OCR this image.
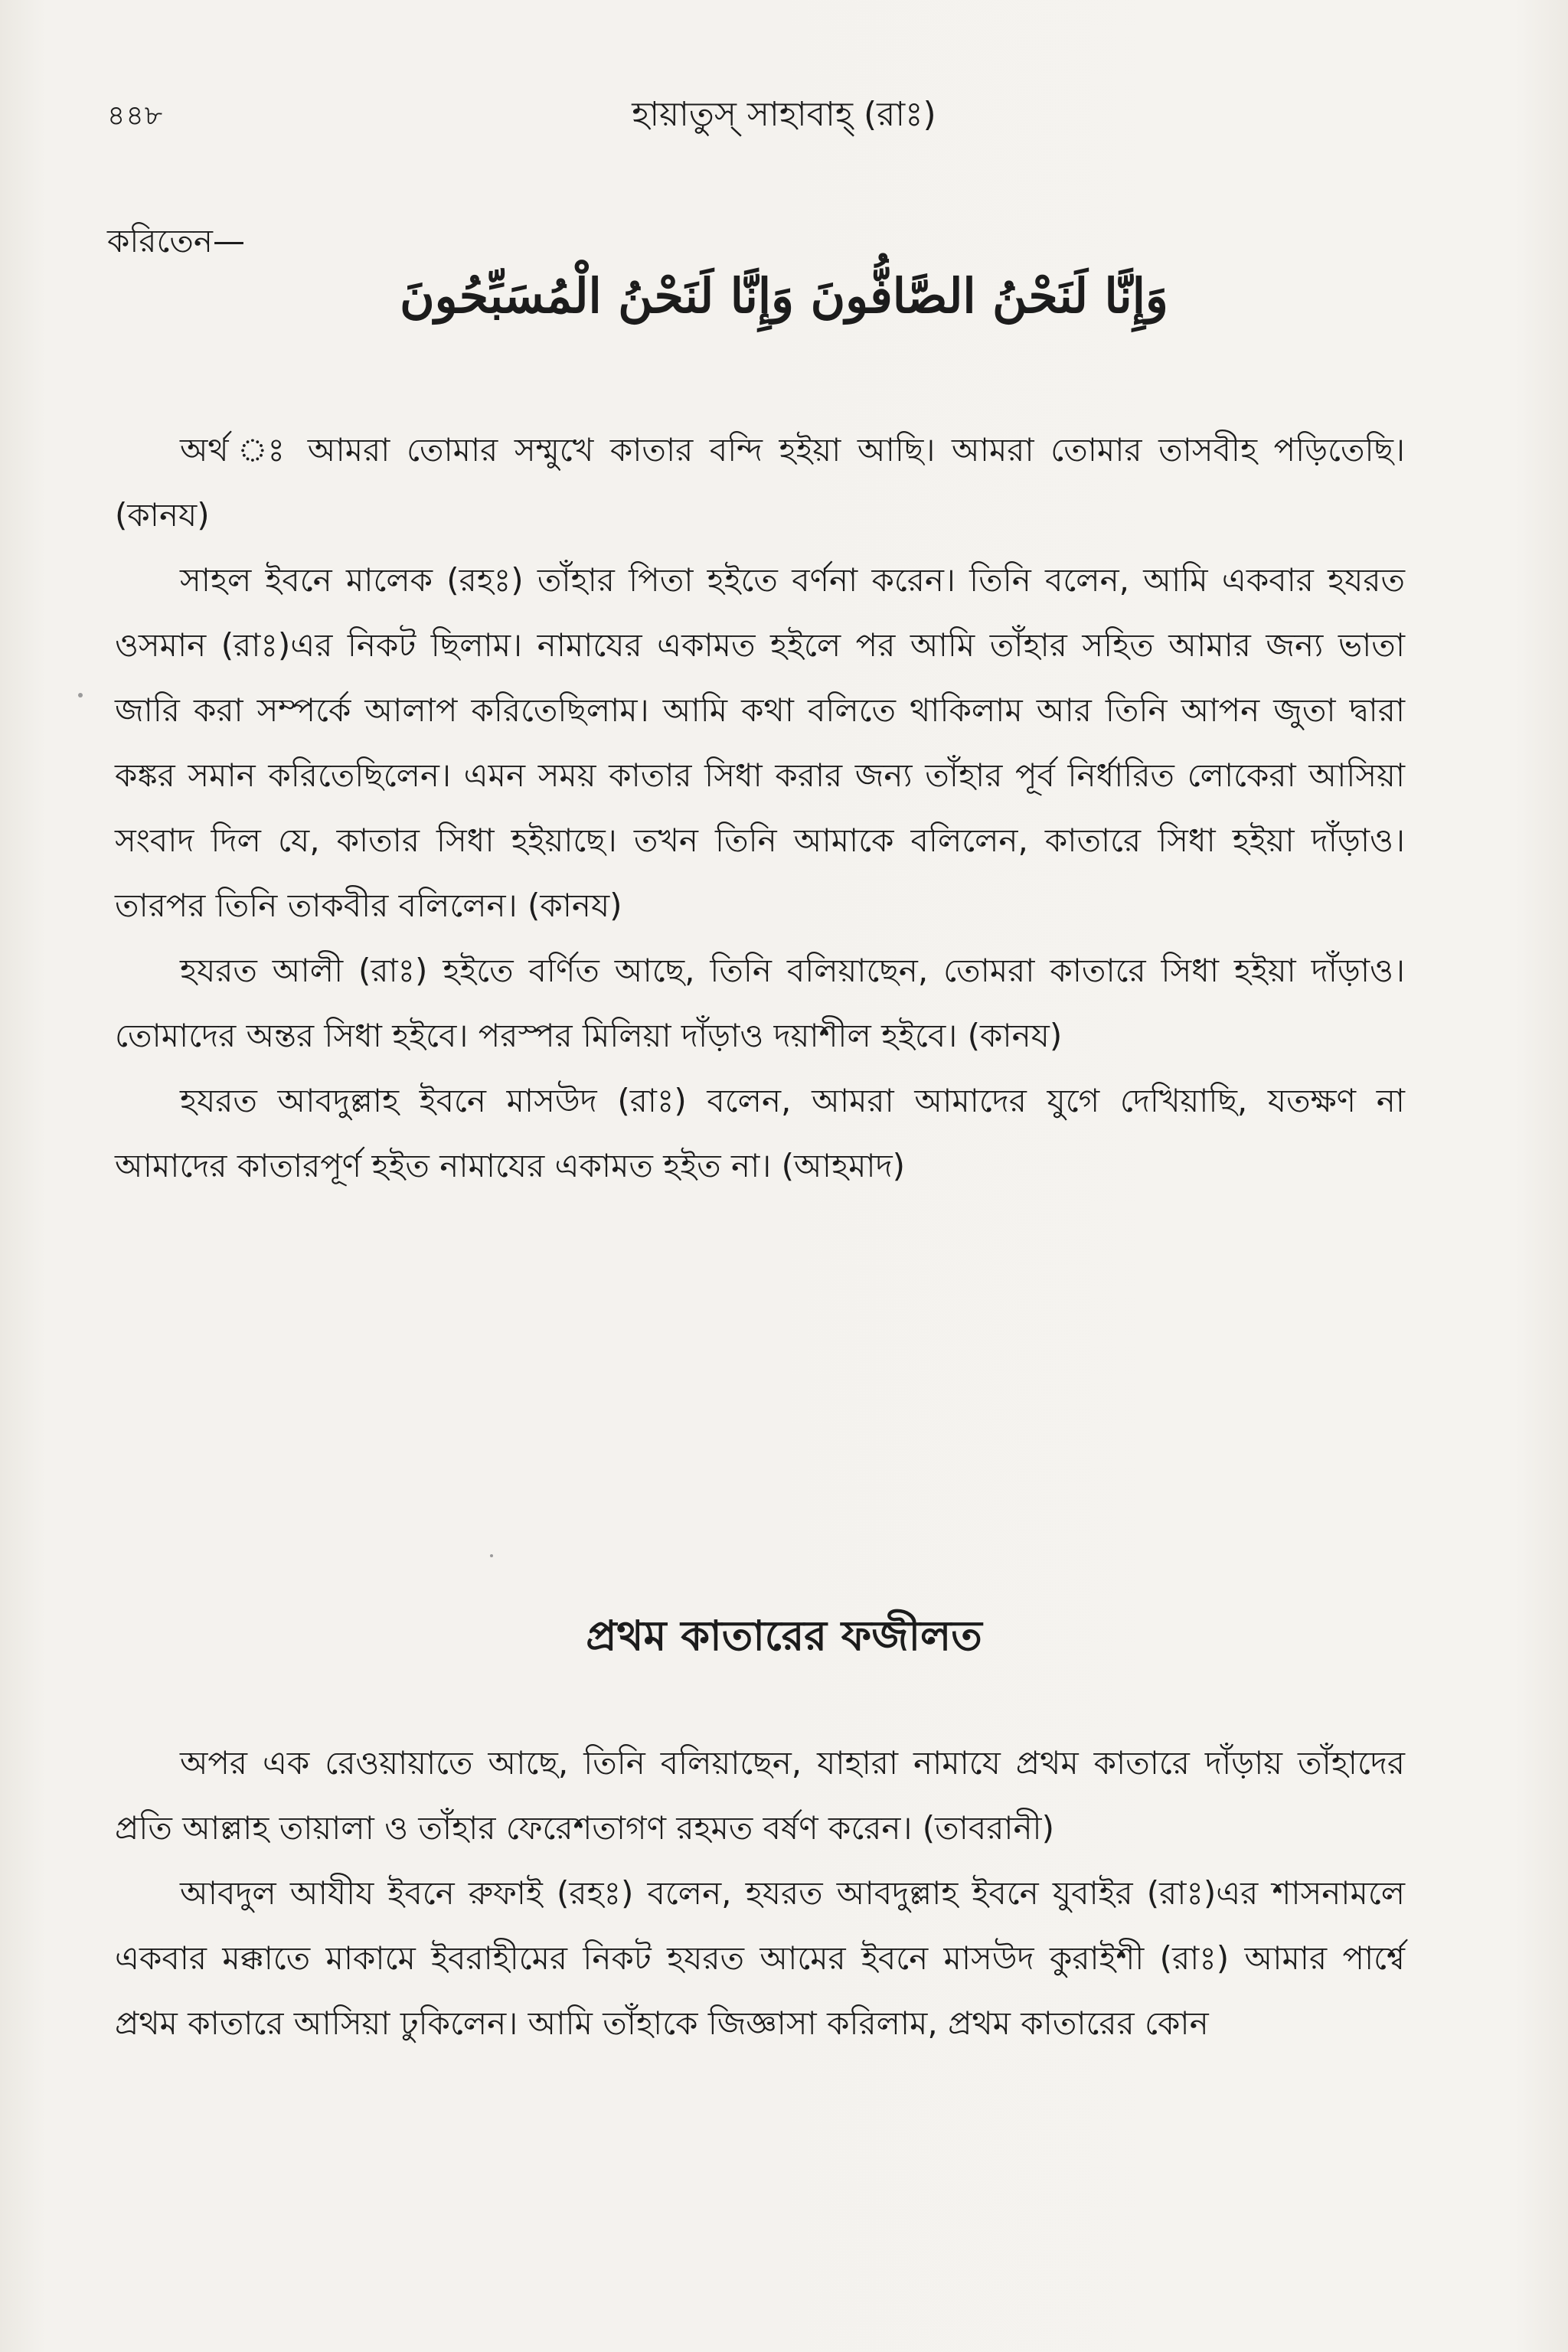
৪৪৮	হায়াতুস্ সাহাবাহ্ (রাঃ)
করিতেন—
وَإِنَّا لَنَحْنُ الصَّافُّونَ وَإِنَّا لَنَحْنُ الْمُسَبِّحُونَ

অর্থ ঃ আমরা তোমার সম্মুখে কাতার বন্দি হইয়া আছি। আমরা তোমার তাসবীহ পড়িতেছি। (কানয)

সাহল ইবনে মালেক (রহঃ) তাঁহার পিতা হইতে বর্ণনা করেন। তিনি বলেন, আমি একবার হযরত ওসমান (রাঃ)এর নিকট ছিলাম। নামাযের একামত হইলে পর আমি তাঁহার সহিত আমার জন্য ভাতা জারি করা সম্পর্কে আলাপ করিতেছিলাম। আমি কথা বলিতে থাকিলাম আর তিনি আপন জুতা দ্বারা কঙ্কর সমান করিতেছিলেন। এমন সময় কাতার সিধা করার জন্য তাঁহার পূর্ব নির্ধারিত লোকেরা আসিয়া সংবাদ দিল যে, কাতার সিধা হইয়াছে। তখন তিনি আমাকে বলিলেন, কাতারে সিধা হইয়া দাঁড়াও। তারপর তিনি তাকবীর বলিলেন। (কানয)

হযরত আলী (রাঃ) হইতে বর্ণিত আছে, তিনি বলিয়াছেন, তোমরা কাতারে সিধা হইয়া দাঁড়াও। তোমাদের অন্তর সিধা হইবে। পরস্পর মিলিয়া দাঁড়াও দয়াশীল হইবে। (কানয)

হযরত আবদুল্লাহ ইবনে মাসউদ (রাঃ) বলেন, আমরা আমাদের যুগে দেখিয়াছি, যতক্ষণ না আমাদের কাতারপূর্ণ হইত নামাযের একামত হইত না। (আহমাদ)

প্রথম কাতারের ফজীলত

অপর এক রেওয়ায়াতে আছে, তিনি বলিয়াছেন, যাহারা নামাযে প্রথম কাতারে দাঁড়ায় তাঁহাদের প্রতি আল্লাহ তায়ালা ও তাঁহার ফেরেশতাগণ রহমত বর্ষণ করেন। (তাবরানী)

আবদুল আযীয ইবনে রুফাই (রহঃ) বলেন, হযরত আবদুল্লাহ ইবনে যুবাইর (রাঃ)এর শাসনামলে একবার মক্কাতে মাকামে ইবরাহীমের নিকট হযরত আমের ইবনে মাসউদ কুরাইশী (রাঃ) আমার পার্শ্বে প্রথম কাতারে আসিয়া ঢুকিলেন। আমি তাঁহাকে জিজ্ঞাসা করিলাম, প্রথম কাতারের কোন
